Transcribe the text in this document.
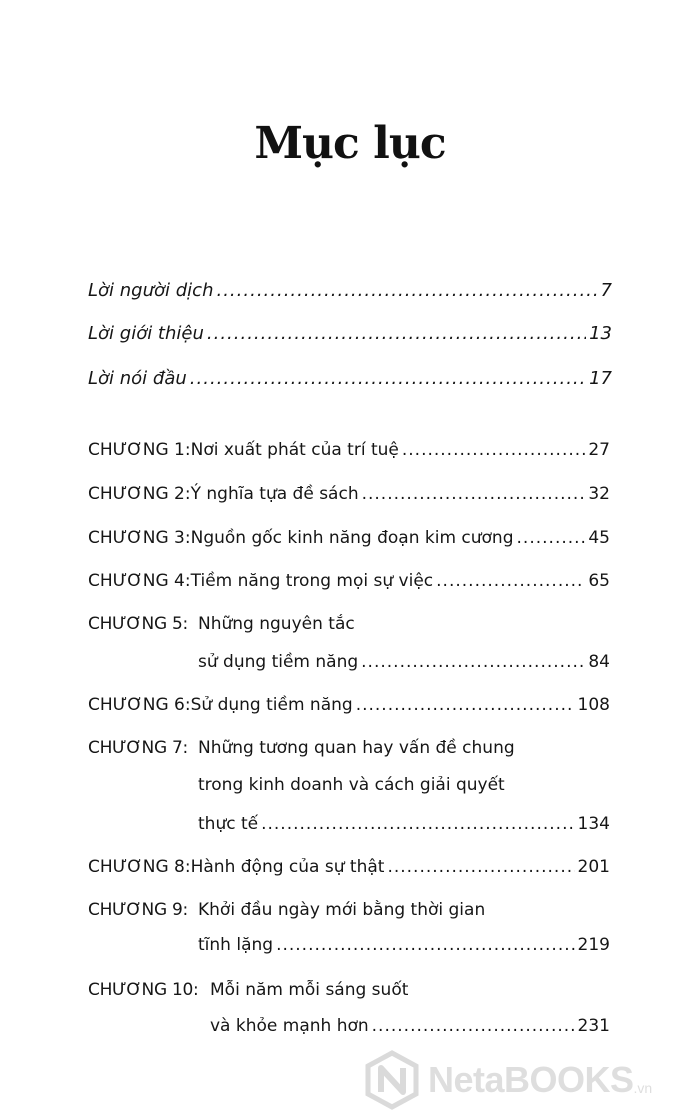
Mục lục
Lời người dịch .....	7
Lời giới thiệu .....	13
Lời nói đầu .....	17
CHƯƠNG 1: Nơi xuất phát của trí tuệ .....	27
CHƯƠNG 2: Ý nghĩa tựa đề sách .....	32
CHƯƠNG 3: Nguồn gốc kinh năng đoạn kim cương .....	45
CHƯƠNG 4: Tiềm năng trong mọi sự việc .....	65
CHƯƠNG 5: Những nguyên tắc
sử dụng tiềm năng .....	84
CHƯƠNG 6: Sử dụng tiềm năng .....	108
CHƯƠNG 7: Những tương quan hay vấn đề chung
trong kinh doanh và cách giải quyết
thực tế .....	134
CHƯƠNG 8: Hành động của sự thật .....	201
CHƯƠNG 9: Khởi đầu ngày mới bằng thời gian
tĩnh lặng .....	219
CHƯƠNG 10: Mỗi năm mỗi sáng suốt
và khỏe mạnh hơn .....	231
NetaBOOKS .vn
